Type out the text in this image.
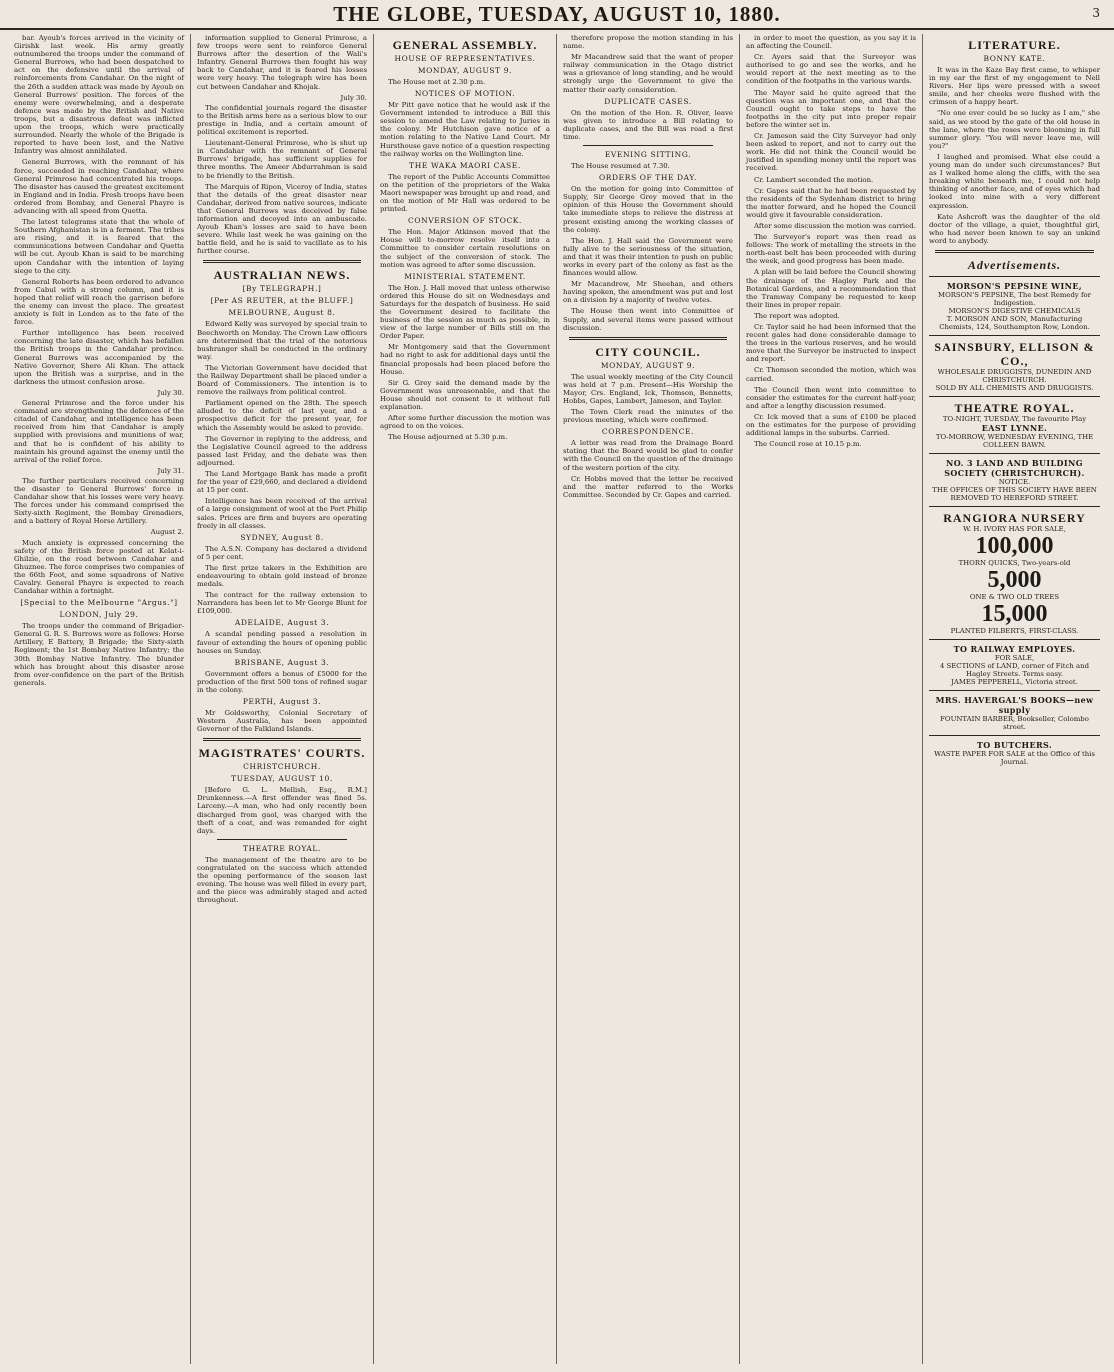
THE GLOBE, TUESDAY, AUGUST 10, 1880.	3

bar. Ayoub's forces arrived in the vicinity of Girishk last week. His army greatly outnumbered the troops under the command of General Burrows, who had been despatched to act on the defensive until the arrival of reinforcements from Candahar. On the night of the 26th a sudden attack was made by Ayoub on General Burrows' position. The forces of the enemy were overwhelming, and a desperate defence was made by the British and Native troops, but a disastrous defeat was inflicted upon the troops, which were practically surrounded. Nearly the whole of the Brigade is reported to have been lost, and the Native Infantry was almost annihilated.

General Burrows, with the remnant of his force, succeeded in reaching Candahar, where General Primrose had concentrated his troops. The disaster has caused the greatest excitement in England and in India. Fresh troops have been ordered from Bombay, and General Phayre is advancing with all speed from Quetta.

The latest telegrams state that the whole of Southern Afghanistan is in a ferment. The tribes are rising, and it is feared that the communications between Candahar and Quetta will be cut. Ayoub Khan is said to be marching upon Candahar with the intention of laying siege to the city.

General Roberts has been ordered to advance from Cabul with a strong column, and it is hoped that relief will reach the garrison before the enemy can invest the place. The greatest anxiety is felt in London as to the fate of the force.

Further intelligence has been received concerning the late disaster, which has befallen the British troops in the Candahar province. General Burrows was accompanied by the Native Governor, Shere Ali Khan. The attack upon the British was a surprise, and in the darkness the utmost confusion arose.

July 30.

General Primrose and the force under his command are strengthening the defences of the citadel of Candahar, and intelligence has been received from him that Candahar is amply supplied with provisions and munitions of war, and that he is confident of his ability to maintain his ground against the enemy until the arrival of the relief force.

July 31.

The further particulars received concerning the disaster to General Burrows' force in Candahar show that his losses were very heavy. The forces under his command comprised the Sixty-sixth Regiment, the Bombay Grenadiers, and a battery of Royal Horse Artillery.

August 2.

Much anxiety is expressed concerning the safety of the British force posted at Kelat-i-Ghilzie, on the road between Candahar and Ghuznee. The force comprises two companies of the 66th Foot, and some squadrons of Native Cavalry. General Phayre is expected to reach Candahar within a fortnight.

[Special to the Melbourne "Argus."]
LONDON, July 29.

The troops under the command of Brigadier-General G. R. S. Burrows were as follows: Horse Artillery, E Battery, B Brigade; the Sixty-sixth Regiment; the 1st Bombay Native Infantry; the 30th Bombay Native Infantry. The blunder which has brought about this disaster arose from over-confidence on the part of the British generals.

information supplied to General Primrose, a few troops were sent to reinforce General Burrows after the desertion of the Wali's Infantry. General Burrows then fought his way back to Candahar, and it is feared his losses were very heavy. The telegraph wire has been cut between Candahar and Khojak.

July 30.

The confidential journals regard the disaster to the British arms here as a serious blow to our prestige in India, and a certain amount of political excitement is reported.

Lieutenant-General Primrose, who is shut up in Candahar with the remnant of General Burrows' brigade, has sufficient supplies for three months. The Ameer Abdurrahman is said to be friendly to the British.

The Marquis of Ripon, Viceroy of India, states that the details of the great disaster near Candahar, derived from native sources, indicate that General Burrows was deceived by false information and decoyed into an ambuscade. Ayoub Khan's losses are said to have been severe. While last week he was gaining on the battle field, and he is said to vacillate as to his further course.

AUSTRALIAN NEWS.
[By TELEGRAPH.]
[Per AS REUTER, at the BLUFF.]
MELBOURNE, August 8.

Edward Kelly was surveyed by special train to Beechworth on Monday. The Crown Law officers are determined that the trial of the notorious bushranger shall be conducted in the ordinary way.

The Victorian Government have decided that the Railway Department shall be placed under a Board of Commissioners. The intention is to remove the railways from political control.

Parliament opened on the 28th. The speech alluded to the deficit of last year, and a prospective deficit for the present year, for which the Assembly would be asked to provide.

The Governor in replying to the address, and the Legislative Council agreed to the address passed last Friday, and the debate was then adjourned.

The Land Mortgage Bank has made a profit for the year of £29,660, and declared a dividend at 15 per cent.

Intelligence has been received of the arrival of a large consignment of wool at the Port Philip sales. Prices are firm and buyers are operating freely in all classes.

SYDNEY, August 8.

The A.S.N. Company has declared a dividend of 5 per cent.

The first prize takers in the Exhibition are endeavouring to obtain gold instead of bronze medals.

The contract for the railway extension to Narrandera has been let to Mr George Blunt for £109,000.

ADELAIDE, August 3.

A scandal pending passed a resolution in favour of extending the hours of opening public houses on Sunday.

BRISBANE, August 3.

Government offers a bonus of £5000 for the production of the first 500 tons of refined sugar in the colony.

PERTH, August 3.

Mr Goldsworthy, Colonial Secretary of Western Australia, has been appointed Governor of the Falkland Islands.

MAGISTRATES' COURTS.
CHRISTCHURCH.
TUESDAY, AUGUST 10.

[Before G. L. Mellish, Esq., R.M.] Drunkenness.—A first offender was fined 5s. Larceny.—A man, who had only recently been discharged from gaol, was charged with the theft of a coat, and was remanded for eight days.

THEATRE ROYAL.

The management of the theatre are to be congratulated on the success which attended the opening performance of the season last evening. The house was well filled in every part, and the piece was admirably staged and acted throughout.

GENERAL ASSEMBLY.
HOUSE OF REPRESENTATIVES.
MONDAY, AUGUST 9.

The House met at 2.30 p.m.

NOTICES OF MOTION.

Mr Pitt gave notice that he would ask if the Government intended to introduce a Bill this session to amend the Law relating to Juries in the colony. Mr Hutchison gave notice of a motion relating to the Native Land Court. Mr Hursthouse gave notice of a question respecting the railway works on the Wellington line.

THE WAKA MAORI CASE.

The report of the Public Accounts Committee on the petition of the proprietors of the Waka Maori newspaper was brought up and read, and on the motion of Mr Hall was ordered to be printed.

CONVERSION OF STOCK.

The Hon. Major Atkinson moved that the House will to-morrow resolve itself into a Committee to consider certain resolutions on the subject of the conversion of stock. The motion was agreed to after some discussion.

MINISTERIAL STATEMENT.

The Hon. J. Hall moved that unless otherwise ordered this House do sit on Wednesdays and Saturdays for the despatch of business. He said the Government desired to facilitate the business of the session as much as possible, in view of the large number of Bills still on the Order Paper.

Mr Montgomery said that the Government had no right to ask for additional days until the financial proposals had been placed before the House.

Sir G. Grey said the demand made by the Government was unreasonable, and that the House should not consent to it without full explanation.

After some further discussion the motion was agreed to on the voices.

The House adjourned at 5.30 p.m.

therefore propose the motion standing in his name.

Mr Macandrew said that the want of proper railway communication in the Otago district was a grievance of long standing, and he would strongly urge the Government to give the matter their early consideration.

DUPLICATE CASES.

On the motion of the Hon. R. Oliver, leave was given to introduce a Bill relating to duplicate cases, and the Bill was read a first time.

EVENING SITTING.

The House resumed at 7.30.

ORDERS OF THE DAY.

On the motion for going into Committee of Supply, Sir George Grey moved that in the opinion of this House the Government should take immediate steps to relieve the distress at present existing among the working classes of the colony.

The Hon. J. Hall said the Government were fully alive to the seriousness of the situation, and that it was their intention to push on public works in every part of the colony as fast as the finances would allow.

Mr Macandrew, Mr Sheehan, and others having spoken, the amendment was put and lost on a division by a majority of twelve votes.

The House then went into Committee of Supply, and several items were passed without discussion.

CITY COUNCIL.
MONDAY, AUGUST 9.

The usual weekly meeting of the City Council was held at 7 p.m. Present—His Worship the Mayor, Crs. England, Ick, Thomson, Bennetts, Hobbs, Gapes, Lambert, Jameson, and Taylor.

The Town Clerk read the minutes of the previous meeting, which were confirmed.

CORRESPONDENCE.

A letter was read from the Drainage Board stating that the Board would be glad to confer with the Council on the question of the drainage of the western portion of the city.

Cr. Hobbs moved that the letter be received and the matter referred to the Works Committee. Seconded by Cr. Gapes and carried.

in order to meet the question, as you say it is an affecting the Council.

Cr. Ayers said that the Surveyor was authorised to go and see the works, and he would report at the next meeting as to the condition of the footpaths in the various wards.

The Mayor said he quite agreed that the question was an important one, and that the Council ought to take steps to have the footpaths in the city put into proper repair before the winter set in.

Cr. Jameson said the City Surveyor had only been asked to report, and not to carry out the work. He did not think the Council would be justified in spending money until the report was received.

Cr. Lambert seconded the motion.

Cr. Gapes said that he had been requested by the residents of the Sydenham district to bring the matter forward, and he hoped the Council would give it favourable consideration.

After some discussion the motion was carried.

The Surveyor's report was then read as follows: The work of metalling the streets in the north-east belt has been proceeded with during the week, and good progress has been made.

A plan will be laid before the Council showing the drainage of the Hagley Park and the Botanical Gardens, and a recommendation that the Tramway Company be requested to keep their lines in proper repair.

The report was adopted.

Cr. Taylor said he had been informed that the recent gales had done considerable damage to the trees in the various reserves, and he would move that the Surveyor be instructed to inspect and report.

Cr. Thomson seconded the motion, which was carried.

The Council then went into committee to consider the estimates for the current half-year, and after a lengthy discussion resumed.

Cr. Ick moved that a sum of £100 be placed on the estimates for the purpose of providing additional lamps in the suburbs. Carried.

The Council rose at 10.15 p.m.

LITERATURE.
BONNY KATE.

It was in the Kaze Bay first came, to whisper in my ear the first of my engagement to Nell Rivers. Her lips were pressed with a sweet smile, and her cheeks were flushed with the crimson of a happy heart.

"No one ever could be so lucky as I am," she said, as we stood by the gate of the old house in the lane, where the roses were blooming in full summer glory. "You will never leave me, will you?"

I laughed and promised. What else could a young man do under such circumstances? But as I walked home along the cliffs, with the sea breaking white beneath me, I could not help thinking of another face, and of eyes which had looked into mine with a very different expression.

Kate Ashcroft was the daughter of the old doctor of the village, a quiet, thoughtful girl, who had never been known to say an unkind word to anybody.

Advertisements.
MORSON'S PEPSINE WINE,
MORSON'S PEPSINE, The best Remedy for Indigestion.
MORSON'S DIGESTIVE CHEMICALS
T. MORSON AND SON, Manufacturing Chemists, 124, Southampton Row, London.
SAINSBURY, ELLISON & CO.,
WHOLESALE DRUGGISTS, DUNEDIN AND CHRISTCHURCH.
SOLD BY ALL CHEMISTS AND DRUGGISTS.
THEATRE ROYAL.
TO-NIGHT, TUESDAY, The favourite Play
EAST LYNNE.
TO-MORROW, WEDNESDAY EVENING, THE COLLEEN BAWN.
NO. 3 LAND AND BUILDING SOCIETY (CHRISTCHURCH).
NOTICE.
THE OFFICES OF THIS SOCIETY HAVE BEEN REMOVED TO HEREFORD STREET.
RANGIORA NURSERY
W. H. IVORY HAS FOR SALE,
100,000
THORN QUICKS, Two-years-old
5,000
ONE & TWO OLD TREES
15,000
PLANTED FILBERTS, FIRST-CLASS.
TO RAILWAY EMPLOYES.
FOR SALE,
4 SECTIONS of LAND, corner of Fitch and Hagley Streets. Terms easy.
JAMES PEPPERELL, Victoria street.
MRS. HAVERGAL'S BOOKS—new supply
FOUNTAIN BARBER, Bookseller, Colombo street.
TO BUTCHERS.
WASTE PAPER FOR SALE at the Office of this Journal.
